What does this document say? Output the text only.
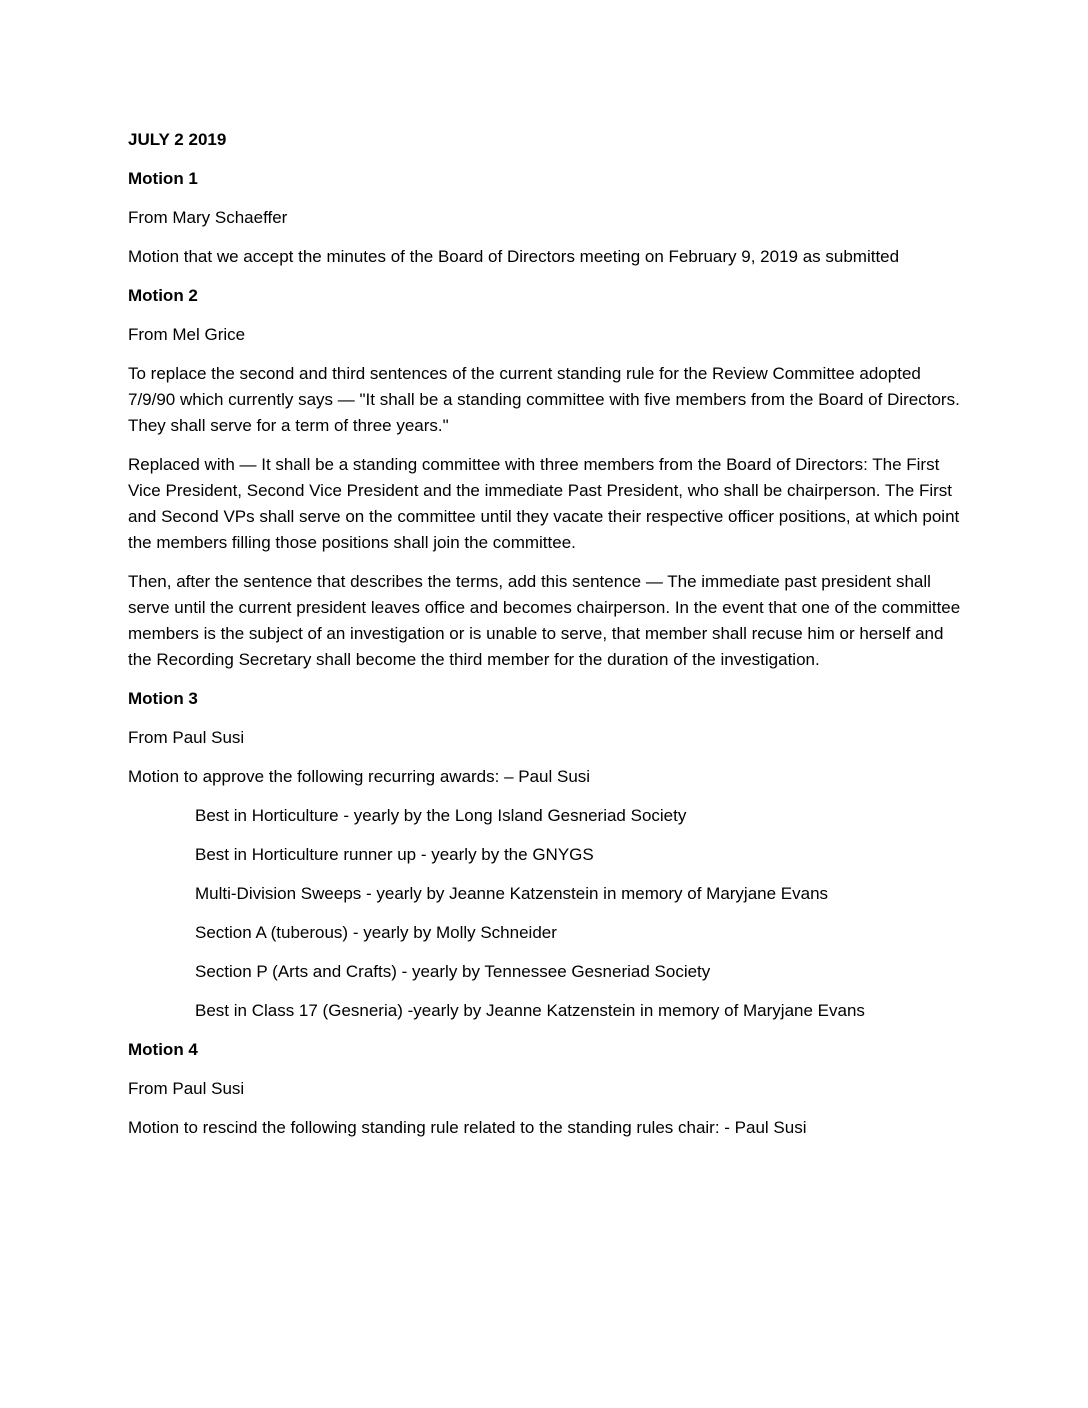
JULY 2 2019
Motion 1

From Mary Schaeffer

Motion that we accept the minutes of the Board of Directors meeting on February 9, 2019 as submitted

Motion 2

From Mel Grice

To replace the second and third sentences of the current standing rule for the Review Committee adopted 7/9/90 which currently says — "It shall be a standing committee with five members from the Board of Directors. They shall serve for a term of three years."

Replaced with — It shall be a standing committee with three members from the Board of Directors: The First Vice President, Second Vice President and the immediate Past President, who shall be chairperson. The First and Second VPs shall serve on the committee until they vacate their respective officer positions, at which point the members filling those positions shall join the committee.

Then, after the sentence that describes the terms, add this sentence — The immediate past president shall serve until the current president leaves office and becomes chairperson. In the event that one of the committee members is the subject of an investigation or is unable to serve, that member shall recuse him or herself and the Recording Secretary shall become the third member for the duration of the investigation.

Motion 3

From Paul Susi

Motion to approve the following recurring awards: – Paul Susi

Best in Horticulture - yearly by the Long Island Gesneriad Society

Best in Horticulture runner up - yearly by the GNYGS

Multi-Division Sweeps - yearly by Jeanne Katzenstein in memory of Maryjane Evans

Section A (tuberous) - yearly by Molly Schneider

Section P (Arts and Crafts) - yearly by Tennessee Gesneriad Society

Best in Class 17 (Gesneria) -yearly by Jeanne Katzenstein in memory of Maryjane Evans

Motion 4

From Paul Susi

Motion to rescind the following standing rule related to the standing rules chair: - Paul Susi
